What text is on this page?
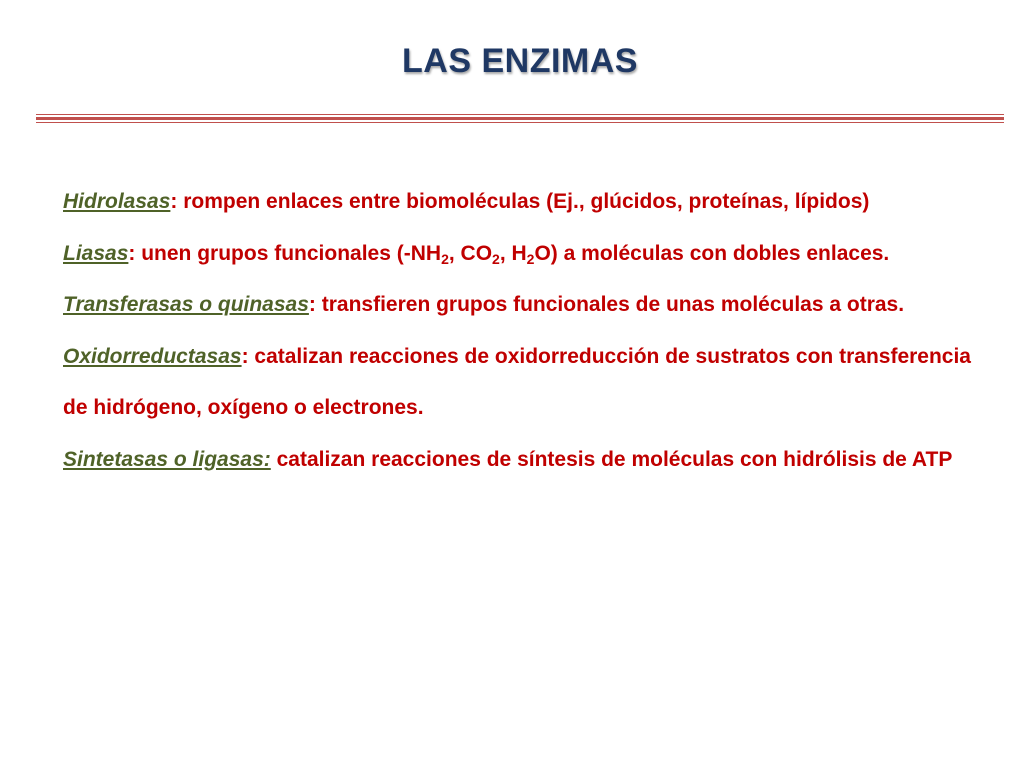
LAS ENZIMAS

Hidrolasas: rompen enlaces entre biomoléculas (Ej., glúcidos, proteínas, lípidos)

Liasas: unen grupos funcionales ($-NH_2$, $CO_2$, $H_2O$) a moléculas con dobles enlaces.

Transferasas o quinasas: transfieren grupos funcionales de unas moléculas a otras.

Oxidorreductasas: catalizan reacciones de oxidorreducción de sustratos con transferencia de hidrógeno, oxígeno o electrones.

Sintetasas o ligasas: catalizan reacciones de síntesis de moléculas con hidrólisis de ATP
